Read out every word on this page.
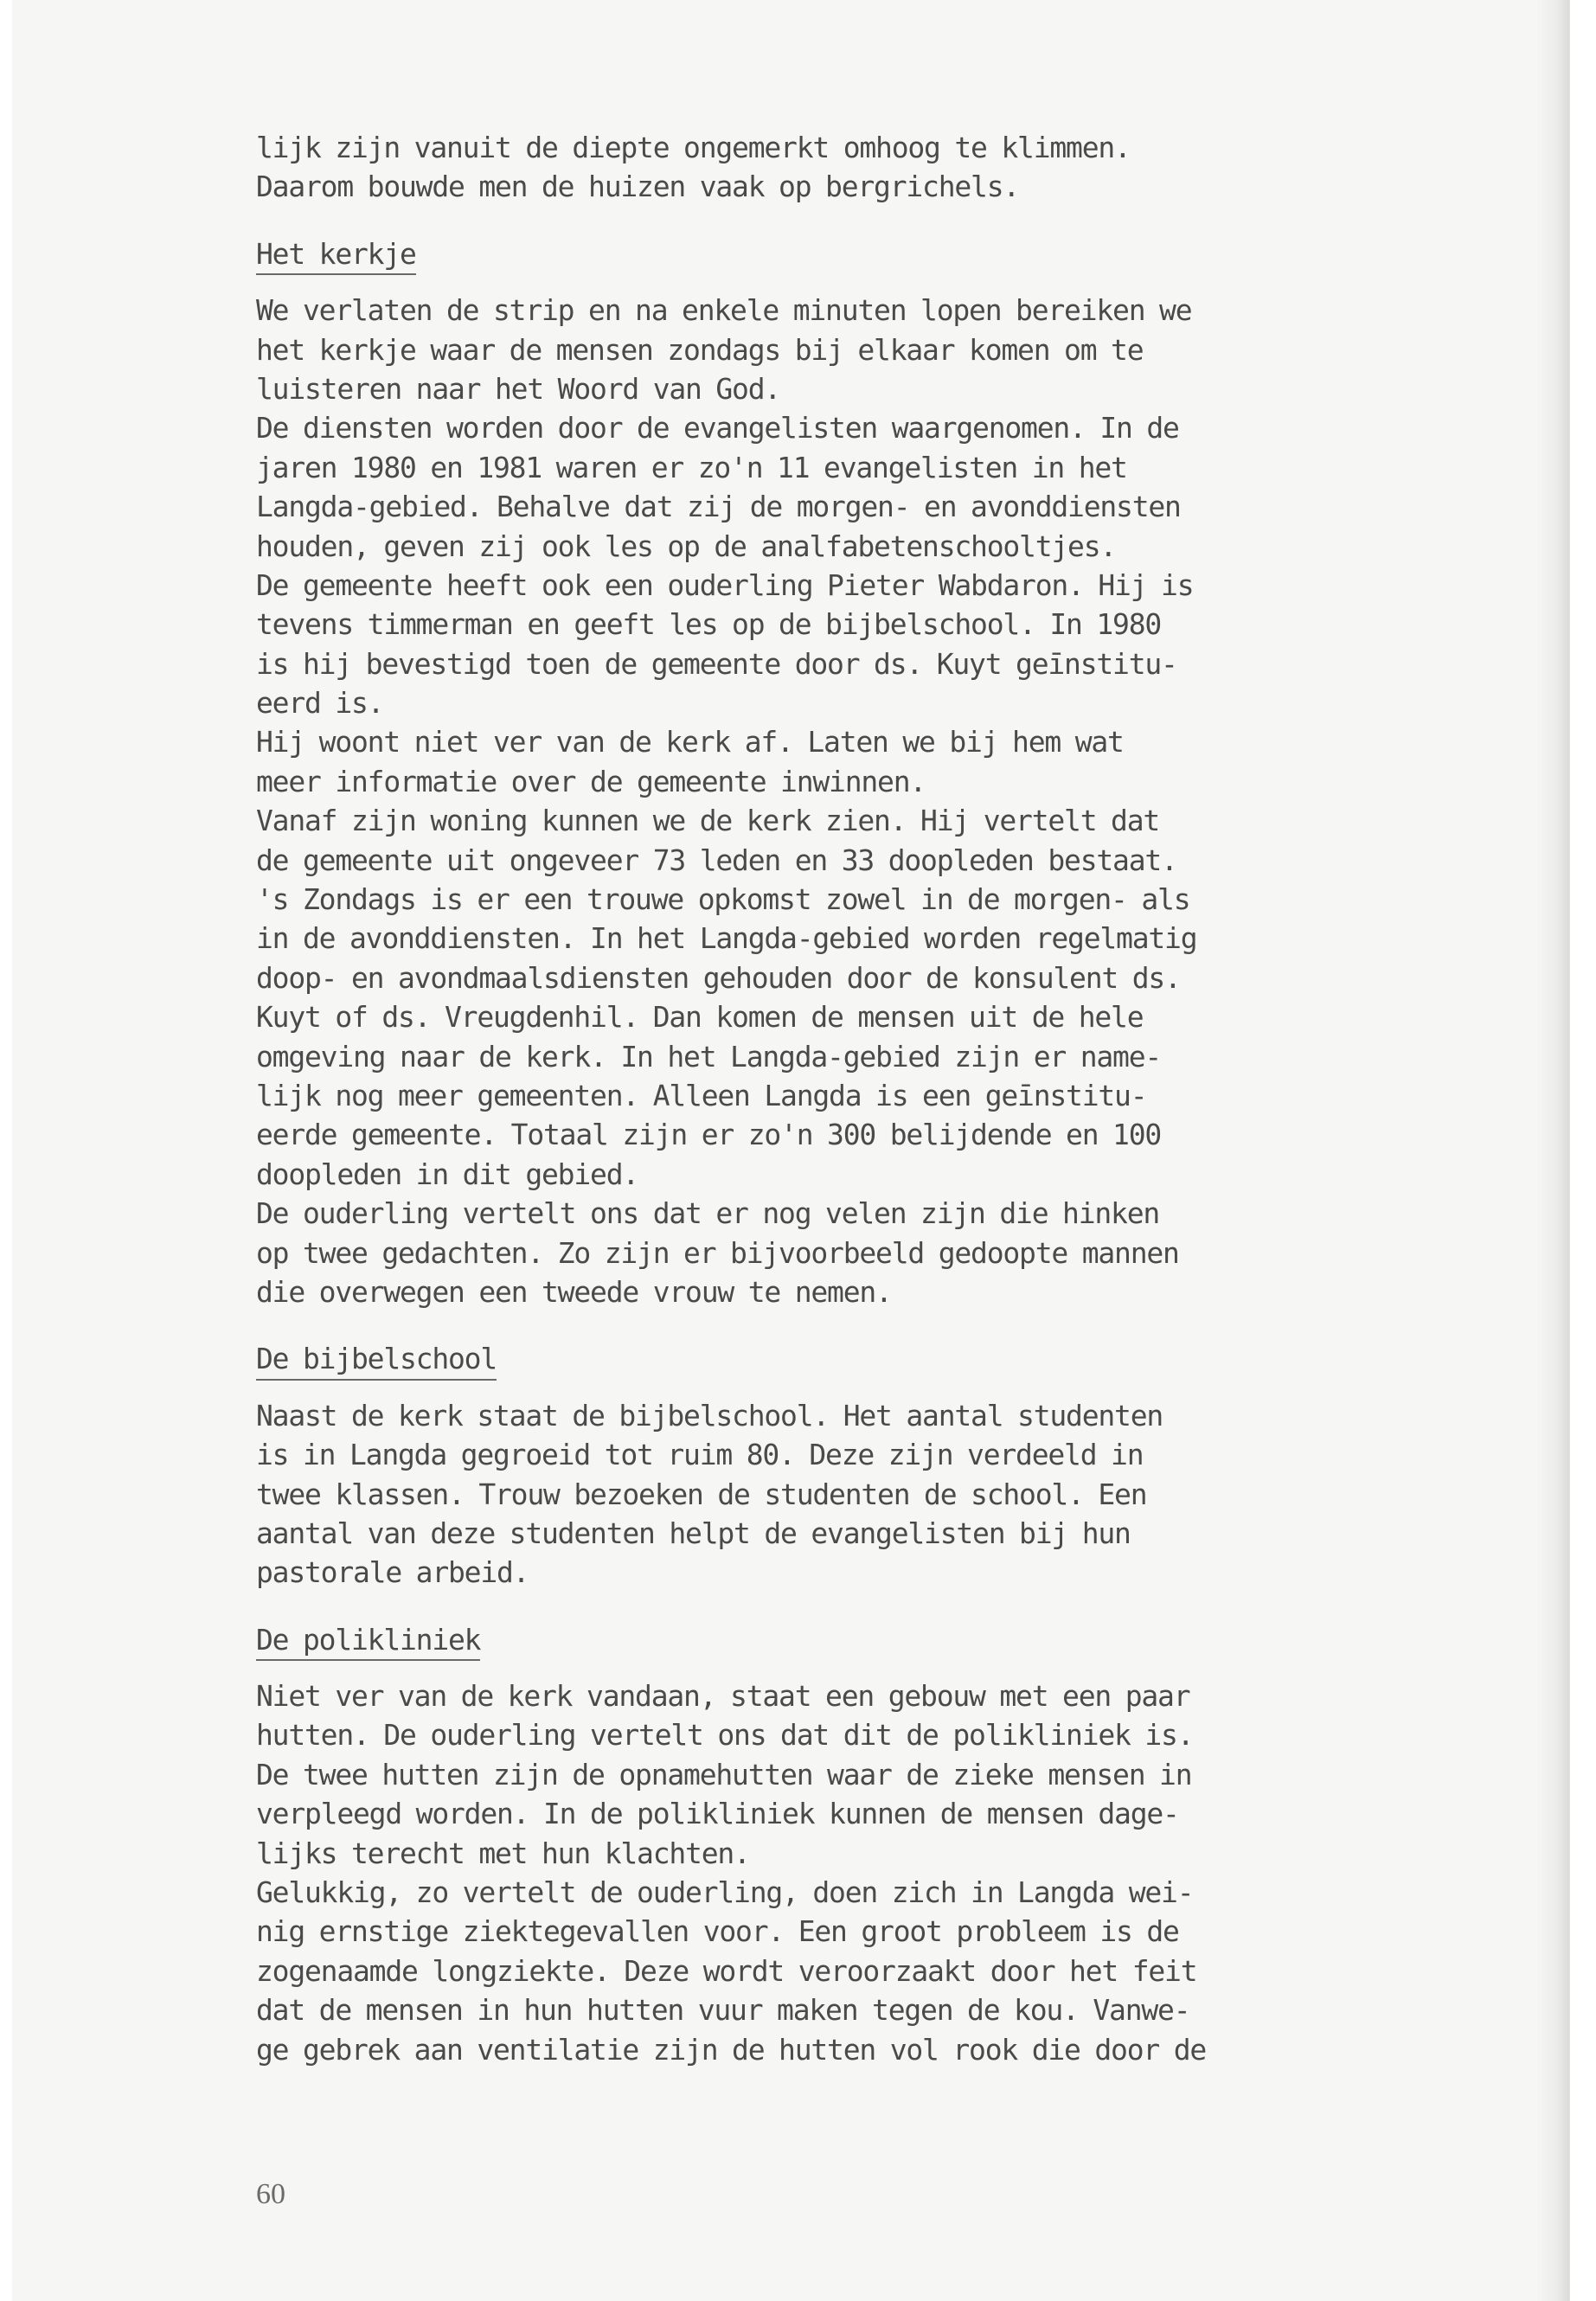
lijk zijn vanuit de diepte ongemerkt omhoog te klimmen.
Daarom bouwde men de huizen vaak op bergrichels.
Het kerkje
We verlaten de strip en na enkele minuten lopen bereiken we
het kerkje waar de mensen zondags bij elkaar komen om te
luisteren naar het Woord van God.
De diensten worden door de evangelisten waargenomen. In de
jaren 1980 en 1981 waren er zo'n 11 evangelisten in het
Langda-gebied. Behalve dat zij de morgen- en avonddiensten
houden, geven zij ook les op de analfabetenschooltjes.
De gemeente heeft ook een ouderling Pieter Wabdaron. Hij is
tevens timmerman en geeft les op de bijbelschool. In 1980
is hij bevestigd toen de gemeente door ds. Kuyt geīnstitu-
eerd is.
Hij woont niet ver van de kerk af. Laten we bij hem wat
meer informatie over de gemeente inwinnen.
Vanaf zijn woning kunnen we de kerk zien. Hij vertelt dat
de gemeente uit ongeveer 73 leden en 33 doopleden bestaat.
's Zondags is er een trouwe opkomst zowel in de morgen- als
in de avonddiensten. In het Langda-gebied worden regelmatig
doop- en avondmaalsdiensten gehouden door de konsulent ds.
Kuyt of ds. Vreugdenhil. Dan komen de mensen uit de hele
omgeving naar de kerk. In het Langda-gebied zijn er name-
lijk nog meer gemeenten. Alleen Langda is een geīnstitu-
eerde gemeente. Totaal zijn er zo'n 300 belijdende en 100
doopleden in dit gebied.
De ouderling vertelt ons dat er nog velen zijn die hinken
op twee gedachten. Zo zijn er bijvoorbeeld gedoopte mannen
die overwegen een tweede vrouw te nemen.
De bijbelschool
Naast de kerk staat de bijbelschool. Het aantal studenten
is in Langda gegroeid tot ruim 80. Deze zijn verdeeld in
twee klassen. Trouw bezoeken de studenten de school. Een
aantal van deze studenten helpt de evangelisten bij hun
pastorale arbeid.
De polikliniek
Niet ver van de kerk vandaan, staat een gebouw met een paar
hutten. De ouderling vertelt ons dat dit de polikliniek is.
De twee hutten zijn de opnamehutten waar de zieke mensen in
verpleegd worden. In de polikliniek kunnen de mensen dage-
lijks terecht met hun klachten.
Gelukkig, zo vertelt de ouderling, doen zich in Langda wei-
nig ernstige ziektegevallen voor. Een groot probleem is de
zogenaamde longziekte. Deze wordt veroorzaakt door het feit
dat de mensen in hun hutten vuur maken tegen de kou. Vanwe-
ge gebrek aan ventilatie zijn de hutten vol rook die door de
60
